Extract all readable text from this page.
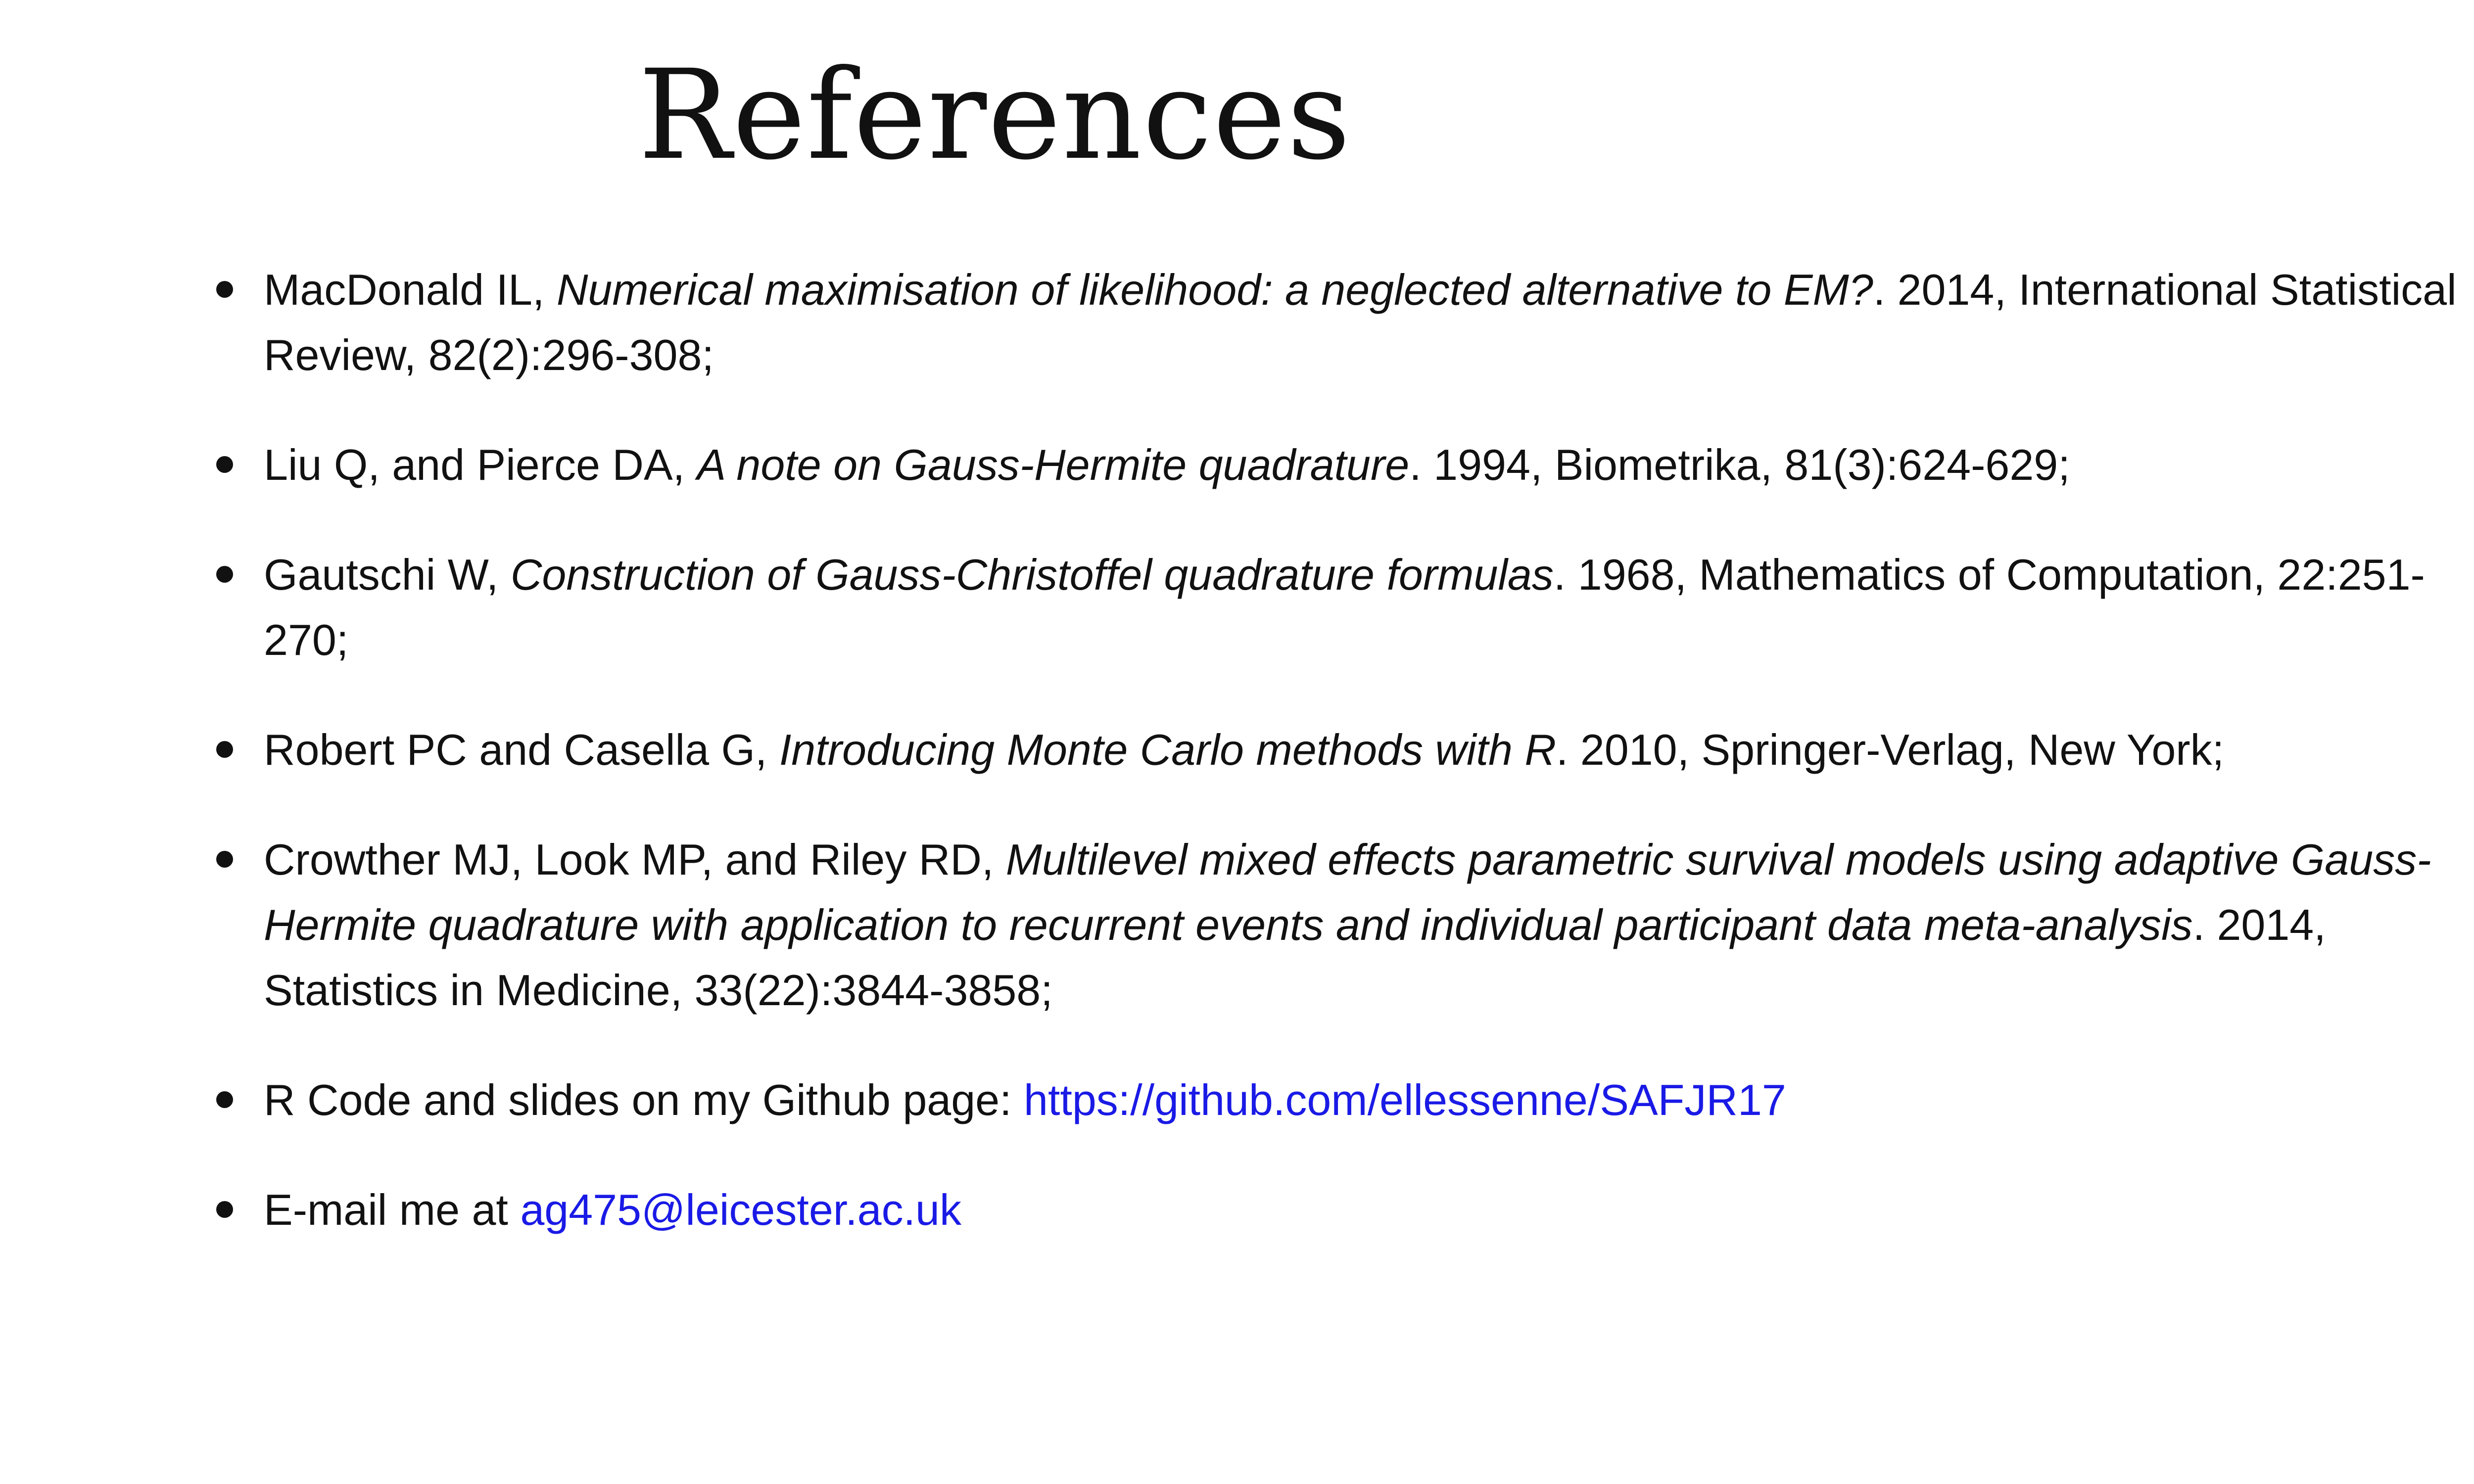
References
MacDonald IL, Numerical maximisation of likelihood: a neglected alternative to EM?. 2014, International Statistical Review, 82(2):296-308;
Liu Q, and Pierce DA, A note on Gauss-Hermite quadrature. 1994, Biometrika, 81(3):624-629;
Gautschi W, Construction of Gauss-Christoffel quadrature formulas. 1968, Mathematics of Computation, 22:251-270;
Robert PC and Casella G, Introducing Monte Carlo methods with R. 2010, Springer-Verlag, New York;
Crowther MJ, Look MP, and Riley RD, Multilevel mixed effects parametric survival models using adaptive Gauss-Hermite quadrature with application to recurrent events and individual participant data meta-analysis. 2014, Statistics in Medicine, 33(22):3844-3858;
R Code and slides on my Github page: https://github.com/ellessenne/SAFJR17
E-mail me at ag475@leicester.ac.uk
